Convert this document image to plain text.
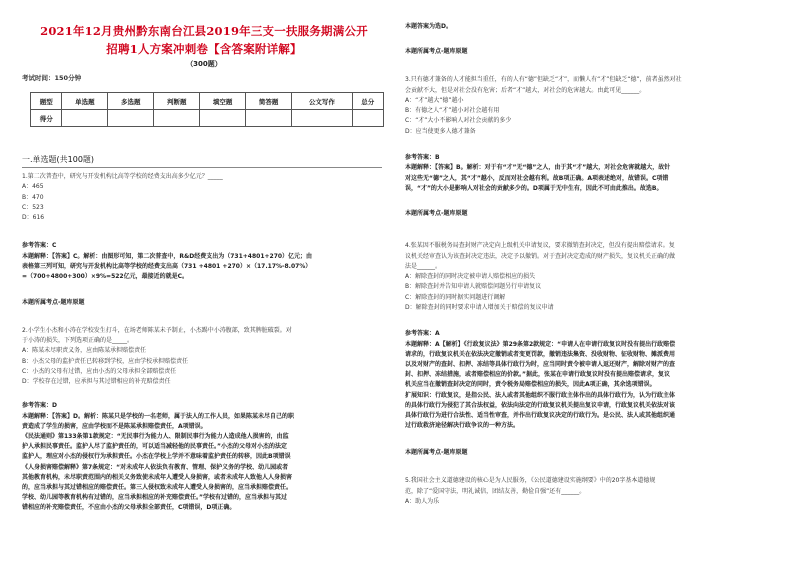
2021年12月贵州黔东南台江县2019年三支一扶服务期满公开
招聘1人方案冲刺卷【含答案附详解】
（300题）
考试时间：150分钟
题型	单选题	多选题	判断题	填空题	简答题	公文写作	总分
得分							
一.单选题(共100题)
1.第二次普查中，研究与开发机构比高等学校的经费支出高多少亿元？_____
A：465
B：470
C：523
D：616
参考答案：C
本题解释：【答案】C。解析：由图形可知，第二次普查中，R&D经费支出为（731+4801+270）亿元；由
表格第三列可知，研究与开发机构比高等学校的经费支出高（731 +4801 +270）×（17.17%-8.07%）
=（700+4800+300）×9%=522亿元，最接近的就是C。
本题所属考点-题库原题
2.小学生小杰和小涛在学校发生打斗，在场老师陈某未予制止，小杰踢中小涛腹部，致其脾脏破裂。对
于小涛的损失，下列选项正确的是_____。
A：陈某未尽职责义务，应由陈某承担赔偿责任
B：小杰父母的监护责任已转移到学校，应由学校承担赔偿责任
C：小杰的父母有过错，应由小杰的父母承担全部赔偿责任
D：学校存在过错，应承担与其过错相应的补充赔偿责任
参考答案：D
本题解释：【答案】D。解析：陈某只是学校的一名老师，属于法人的工作人员，如果陈某未尽自己的职
责造成了学生的损害，应由学校而不是陈某承担赔偿责任，A项错误。
《民法通则》第133条第1款规定：“无民事行为能力人、限制民事行为能力人造成他人损害的，由监
护人承担民事责任。监护人尽了监护责任的，可以适当减轻他的民事责任。”小杰的父母对小杰的法定
监护人，理应对小杰的侵权行为承担责任。小杰在学校上学并不意味着监护责任的转移，因此B项错误
《人身损害赔偿解释》第7条规定：“对未成年人依法负有教育、管理、保护义务的学校、幼儿园或者
其他教育机构，未尽职责范围内的相关义务致使未成年人遭受人身损害，或者未成年人致他人人身损害
的，应当承担与其过错相应的赔偿责任。第三人侵权致未成年人遭受人身损害的，应当承担赔偿责任。
学校、幼儿园等教育机构有过错的，应当承担相应的补充赔偿责任。”学校有过错的，应当承担与其过
错相应的补充赔偿责任，不应由小杰的父母承担全部责任，C项错误，D项正确。
本题答案为选D。
本题所属考点-题库原题
3.只有德才兼备的人才能担当重任，有的人有“德”但缺乏“才”，而懒人有“才”但缺乏“德”，前者虽然对社
会贡献不大，但是对社会没有危害；后者“才”越大，对社会的危害越大。由此可见______。
A：“才”越大“德”越小
B：有德之人“才”越小对社会越有用
C：“才”大小不影响人对社会贡献的多少
D：应当使更多人德才兼备
参考答案：B
本题解释：【答案】B。解析：对于有“才”无“德”之人，由于其“才”越大，对社会危害就越大，故针
对这些无“德”之人，其“才”越小，反而对社会越有利。故B项正确。A项表述绝对，故错误。C项错
误，“才”的大小是影响人对社会的贡献多少的。D项属于无中生有，因此不可由此推出。故选B。
本题所属考点-题库原题
4.张某因不服税务局查封财产决定向上级机关申请复议，要求撤销查封决定，但没有提出赔偿请求。复
议机关经审查认为该查封决定违法，决定予以撤销。对于查封决定造成的财产损失，复议机关正确的做
法是______。
A：解除查封的同时决定被申请人赔偿相应的损失
B：解除查封并告知申请人就赔偿问题另行申请复议
C：解除查封的同时据实问题进行调解
D：解除查封的同时要求申请人增加关于赔偿的复议申请
参考答案：A
本题解释：A【解析】《行政复议法》第29条第2款规定：“申请人在申请行政复议时没有提出行政赔偿
请求的，行政复议机关在依法决定撤销或者变更罚款，撤销违法集资、没收财物、征收财物、摊派费用
以及对财产的查封、扣押、冻结等具体行政行为时，应当同时责令被申请人返还财产，解除对财产的查
封、扣押、冻结措施，或者赔偿相应的价款。”据此，张某在申请行政复议时没有提出赔偿请求，复议
机关应当在撤销查封决定的同时，责令税务局赔偿相应的损失，因此A项正确，其余选项错误。
扩展知识：行政复议，是指公民、法人或者其他组织不服行政主体作出的具体行政行为，认为行政主体
的具体行政行为侵犯了其合法权益，依法向法定的行政复议机关提出复议申请，行政复议机关依法对该
具体行政行为进行合法性、适当性审查，并作出行政复议决定的行政行为。是公民、法人或其他组织通
过行政救济途径解决行政争议的一种方法。
本题所属考点-题库原题
5.我国社会主义道德建设的核心是为人民服务，《公民道德建设实施纲要》中的20字基本道德规
范，除了“爱国守法，明礼诚信，团结友善，勤俭自强”还有______。
A：助人为乐
